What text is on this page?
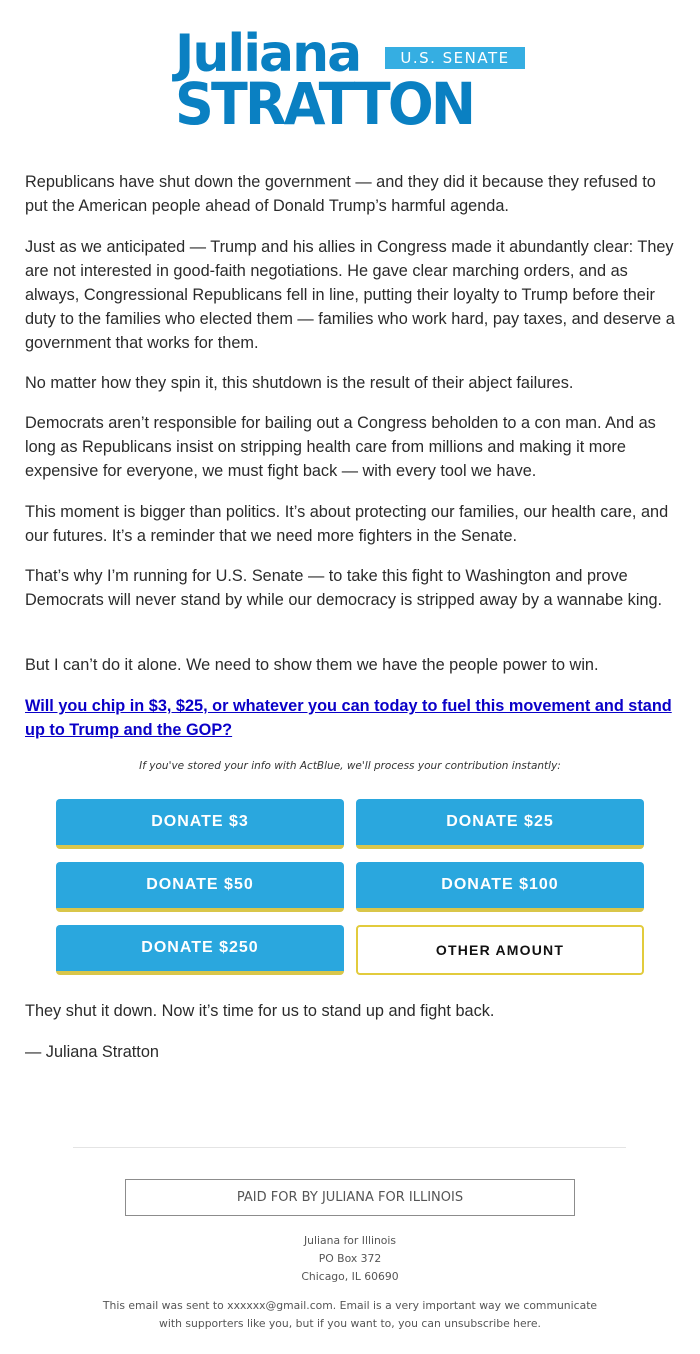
Juliana	U.S. SENATE
STRATTON

Republicans have shut down the government — and they did it because they refused to put the American people ahead of Donald Trump’s harmful agenda.

Just as we anticipated — Trump and his allies in Congress made it abundantly clear: They are not interested in good-faith negotiations. He gave clear marching orders, and as always, Congressional Republicans fell in line, putting their loyalty to Trump before their duty to the families who elected them — families who work hard, pay taxes, and deserve a government that works for them.

No matter how they spin it, this shutdown is the result of their abject failures.

Democrats aren’t responsible for bailing out a Congress beholden to a con man. And as long as Republicans insist on stripping health care from millions and making it more expensive for everyone, we must fight back — with every tool we have.

This moment is bigger than politics. It’s about protecting our families, our health care, and our futures. It’s a reminder that we need more fighters in the Senate.

That’s why I’m running for U.S. Senate — to take this fight to Washington and prove Democrats will never stand by while our democracy is stripped away by a wannabe king.

But I can’t do it alone. We need to show them we have the people power to win.

Will you chip in $3, $25, or whatever you can today to fuel this movement and stand up to Trump and the GOP?
If you've stored your info with ActBlue, we'll process your contribution instantly:
DONATE $3	DONATE $25
DONATE $50	DONATE $100
DONATE $250	OTHER AMOUNT

They shut it down. Now it’s time for us to stand up and fight back.

— Juliana Stratton

PAID FOR BY JULIANA FOR ILLINOIS
Juliana for Illinois
PO Box 372
Chicago, IL 60690
This email was sent to xxxxxx@gmail.com. Email is a very important way we communicate with supporters like you, but if you want to, you can unsubscribe here.
